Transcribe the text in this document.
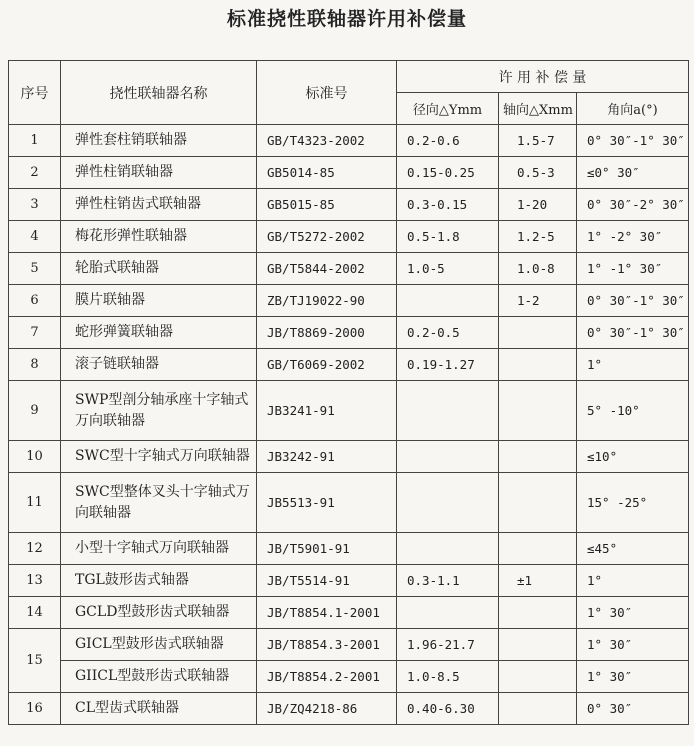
标准挠性联轴器许用补偿量
序号	挠性联轴器名称	标准号	许 用 补 偿 量		
			径向△Ymm	轴向△Xmm	角向a(°)
1	弹性套柱销联轴器	GB/T4323-2002	0.2-0.6	1.5-7	0° 30″-1° 30″
2	弹性柱销联轴器	GB5014-85	0.15-0.25	0.5-3	≤0° 30″
3	弹性柱销齿式联轴器	GB5015-85	0.3-0.15	1-20	0° 30″-2° 30″
4	梅花形弹性联轴器	GB/T5272-2002	0.5-1.8	1.2-5	1° -2° 30″
5	轮胎式联轴器	GB/T5844-2002	1.0-5	1.0-8	1° -1° 30″
6	膜片联轴器	ZB/TJ19022-90		1-2	0° 30″-1° 30″
7	蛇形弹簧联轴器	JB/T8869-2000	0.2-0.5		0° 30″-1° 30″
8	滚子链联轴器	GB/T6069-2002	0.19-1.27		1°
9	SWP型剖分轴承座十字轴式万向联轴器	JB3241-91			5° -10°
10	SWC型十字轴式万向联轴器	JB3242-91			≤10°
11	SWC型整体叉头十字轴式万向联轴器	JB5513-91			15° -25°
12	小型十字轴式万向联轴器	JB/T5901-91			≤45°
13	TGL鼓形齿式轴器	JB/T5514-91	0.3-1.1	±1	1°
14	GCLD型鼓形齿式联轴器	JB/T8854.1-2001			1° 30″
15	GICL型鼓形齿式联轴器	JB/T8854.3-2001	1.96-21.7		1° 30″
	GIICL型鼓形齿式联轴器	JB/T8854.2-2001	1.0-8.5		1° 30″
16	CL型齿式联轴器	JB/ZQ4218-86	0.40-6.30		0° 30″
